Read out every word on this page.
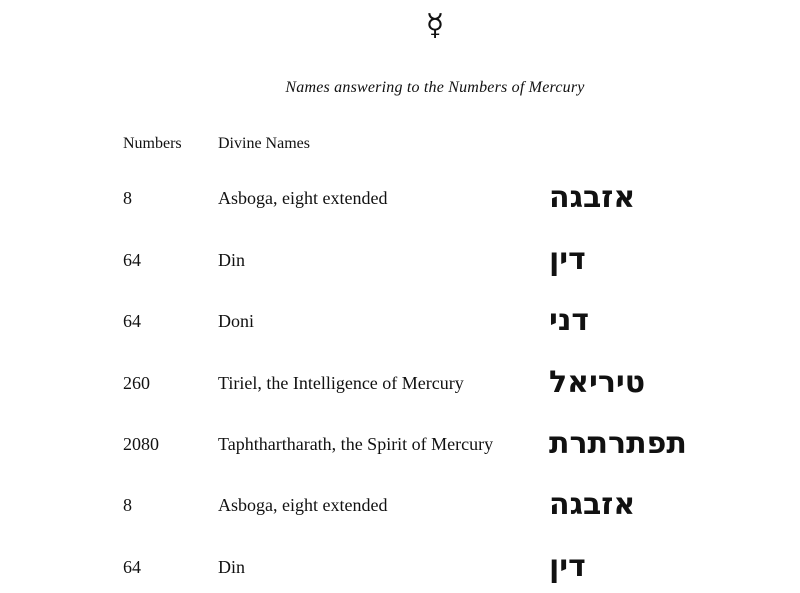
☿
Names answering to the Numbers of Mercury
Numbers Divine Names
8	Asboga, eight extended	אזבגה
64	Din	דין
64	Doni	דני
260	Tiriel, the Intelligence of Mercury	טיריאל
2080	Taphthartharath, the Spirit of Mercury תפתרתרת
8	Asboga, eight extended	אזבגה
64	Din	דין
